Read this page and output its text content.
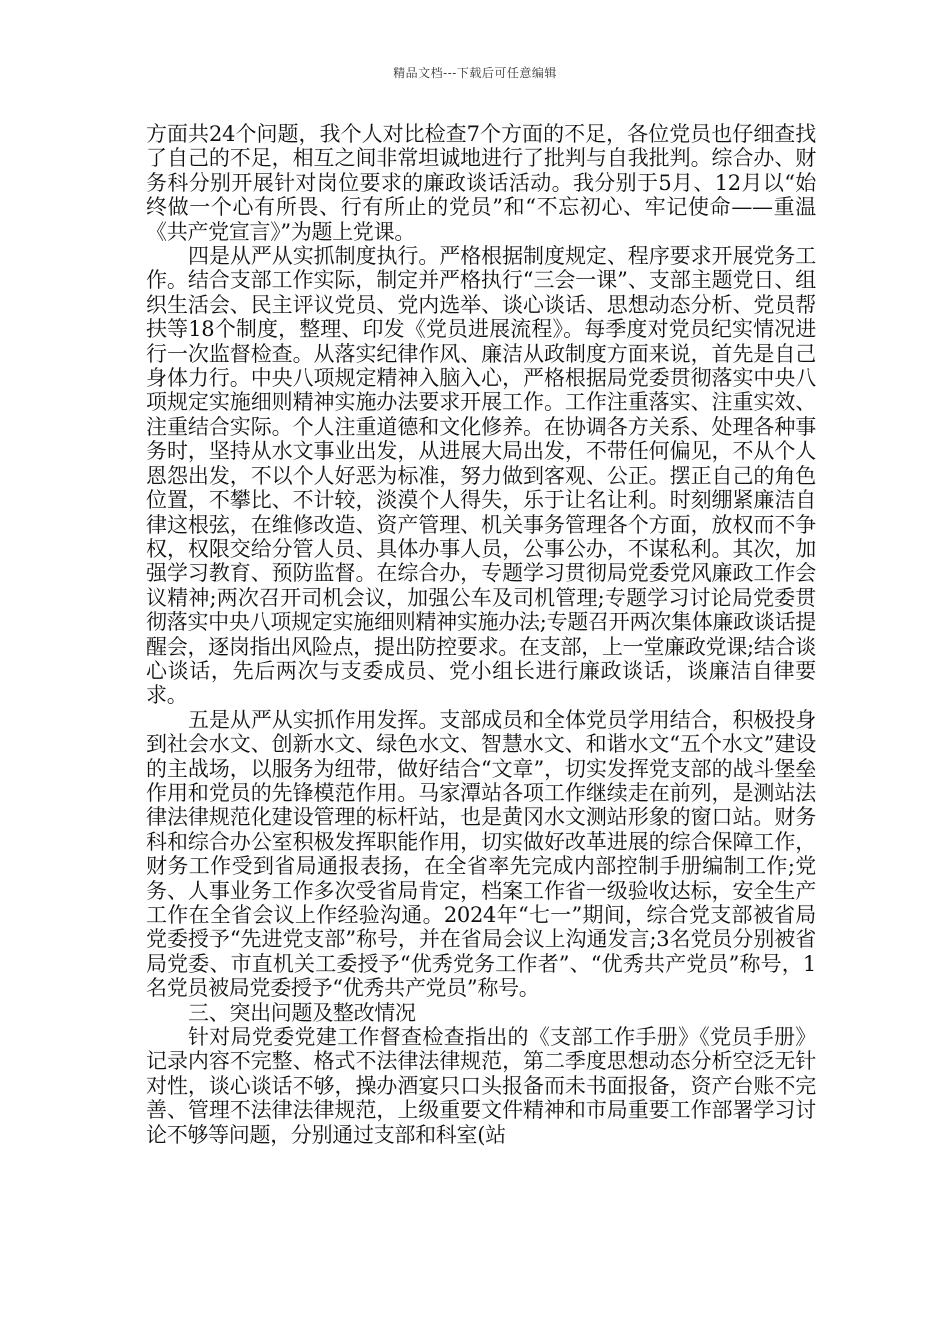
精品文档---下载后可任意编辑

方面共24个问题，我个人对比检查7个方面的不足，各位党员也仔细查找了自己的不足，相互之间非常坦诚地进行了批判与自我批判。综合办、财务科分别开展针对岗位要求的廉政谈话活动。我分别于5月、12月以“始终做一个心有所畏、行有所止的党员”和“不忘初心、牢记使命——重温《共产党宣言》”为题上党课。

四是从严从实抓制度执行。严格根据制度规定、程序要求开展党务工作。结合支部工作实际，制定并严格执行“三会一课”、支部主题党日、组织生活会、民主评议党员、党内选举、谈心谈话、思想动态分析、党员帮扶等18个制度，整理、印发《党员进展流程》。每季度对党员纪实情况进行一次监督检查。从落实纪律作风、廉洁从政制度方面来说，首先是自己身体力行。中央八项规定精神入脑入心，严格根据局党委贯彻落实中央八项规定实施细则精神实施办法要求开展工作。工作注重落实、注重实效、注重结合实际。个人注重道德和文化修养。在协调各方关系、处理各种事务时，坚持从水文事业出发，从进展大局出发，不带任何偏见，不从个人恩怨出发，不以个人好恶为标准，努力做到客观、公正。摆正自己的角色位置，不攀比、不计较，淡漠个人得失，乐于让名让利。时刻绷紧廉洁自律这根弦，在维修改造、资产管理、机关事务管理各个方面，放权而不争权，权限交给分管人员、具体办事人员，公事公办，不谋私利。其次，加强学习教育、预防监督。在综合办，专题学习贯彻局党委党风廉政工作会议精神;两次召开司机会议，加强公车及司机管理;专题学习讨论局党委贯彻落实中央八项规定实施细则精神实施办法;专题召开两次集体廉政谈话提醒会，逐岗指出风险点，提出防控要求。在支部，上一堂廉政党课;结合谈心谈话，先后两次与支委成员、党小组长进行廉政谈话，谈廉洁自律要求。

五是从严从实抓作用发挥。支部成员和全体党员学用结合，积极投身到社会水文、创新水文、绿色水文、智慧水文、和谐水文“五个水文”建设的主战场，以服务为纽带，做好结合“文章”，切实发挥党支部的战斗堡垒作用和党员的先锋模范作用。马家潭站各项工作继续走在前列，是测站法律法律规范化建设管理的标杆站，也是黄冈水文测站形象的窗口站。财务科和综合办公室积极发挥职能作用，切实做好改革进展的综合保障工作，财务工作受到省局通报表扬，在全省率先完成内部控制手册编制工作;党务、人事业务工作多次受省局肯定，档案工作省一级验收达标，安全生产工作在全省会议上作经验沟通。2024年“七一”期间，综合党支部被省局党委授予“先进党支部”称号，并在省局会议上沟通发言;3名党员分别被省局党委、市直机关工委授予“优秀党务工作者”、“优秀共产党员”称号，1名党员被局党委授予“优秀共产党员”称号。

三、突出问题及整改情况

针对局党委党建工作督查检查指出的《支部工作手册》《党员手册》记录内容不完整、格式不法律法律规范，第二季度思想动态分析空泛无针对性，谈心谈话不够，操办酒宴只口头报备而未书面报备，资产台账不完善、管理不法律法律规范，上级重要文件精神和市局重要工作部署学习讨论不够等问题，分别通过支部和科室(站
